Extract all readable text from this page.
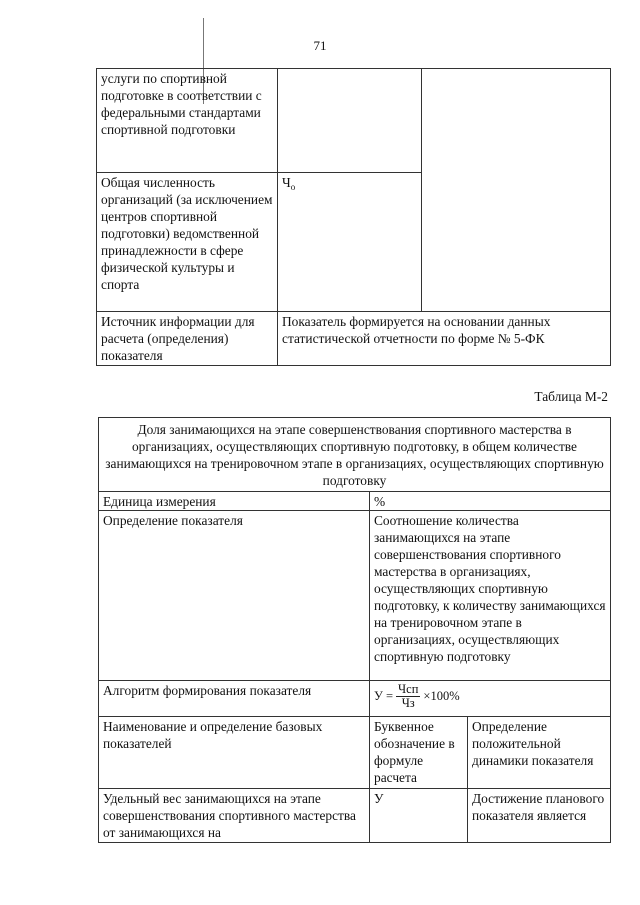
71
услуги по спортивной подготовке в соответствии с федеральными стандартами спортивной подготовки		
Общая численность организаций (за исключением центров спортивной подготовки) ведомственной принадлежности в сфере физической культуры и спорта	$Ч_о$
Источник информации для расчета (определения) показателя	Показатель формируется на основании данных статистической отчетности по форме № 5-ФК	
Таблица М-2
Доля занимающихся на этапе совершенствования спортивного мастерства в организациях, осуществляющих спортивную подготовку, в общем количестве занимающихся на тренировочном этапе в организациях, осуществляющих спортивную подготовку		
Единица измерения	%	
Определение показателя	Соотношение количества занимающихся на этапе совершенствования спортивного мастерства в организациях, осуществляющих спортивную подготовку, к количеству занимающихся на тренировочном этапе в организациях, осуществляющих спортивную подготовку	
Алгоритм формирования показателя	$У = \frac{\text{Чсп}}{Чз} \times 100\%$	

Наименование и определение базовых показателей	Буквенное обозначение в формуле расчета	Определение положительной динамики показателя
Удельный вес занимающихся на этапе совершенствования спортивного мастерства от занимающихся на	У	Достижение планового показателя является
